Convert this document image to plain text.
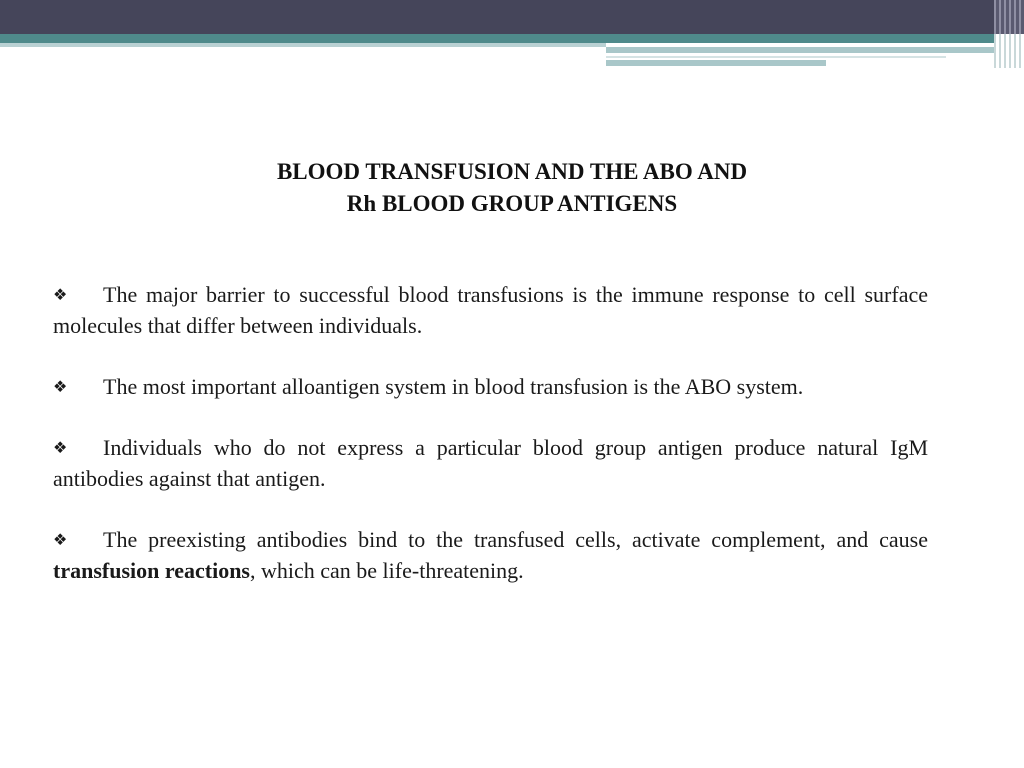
BLOOD TRANSFUSION AND THE ABO AND
Rh BLOOD GROUP ANTIGENS

❖ The major barrier to successful blood transfusions is the immune response to cell surface molecules that differ between individuals.

❖ The most important alloantigen system in blood transfusion is the ABO system.

❖ Individuals who do not express a particular blood group antigen produce natural IgM antibodies against that antigen.

❖ The preexisting antibodies bind to the transfused cells, activate complement, and cause transfusion reactions, which can be life-threatening.
